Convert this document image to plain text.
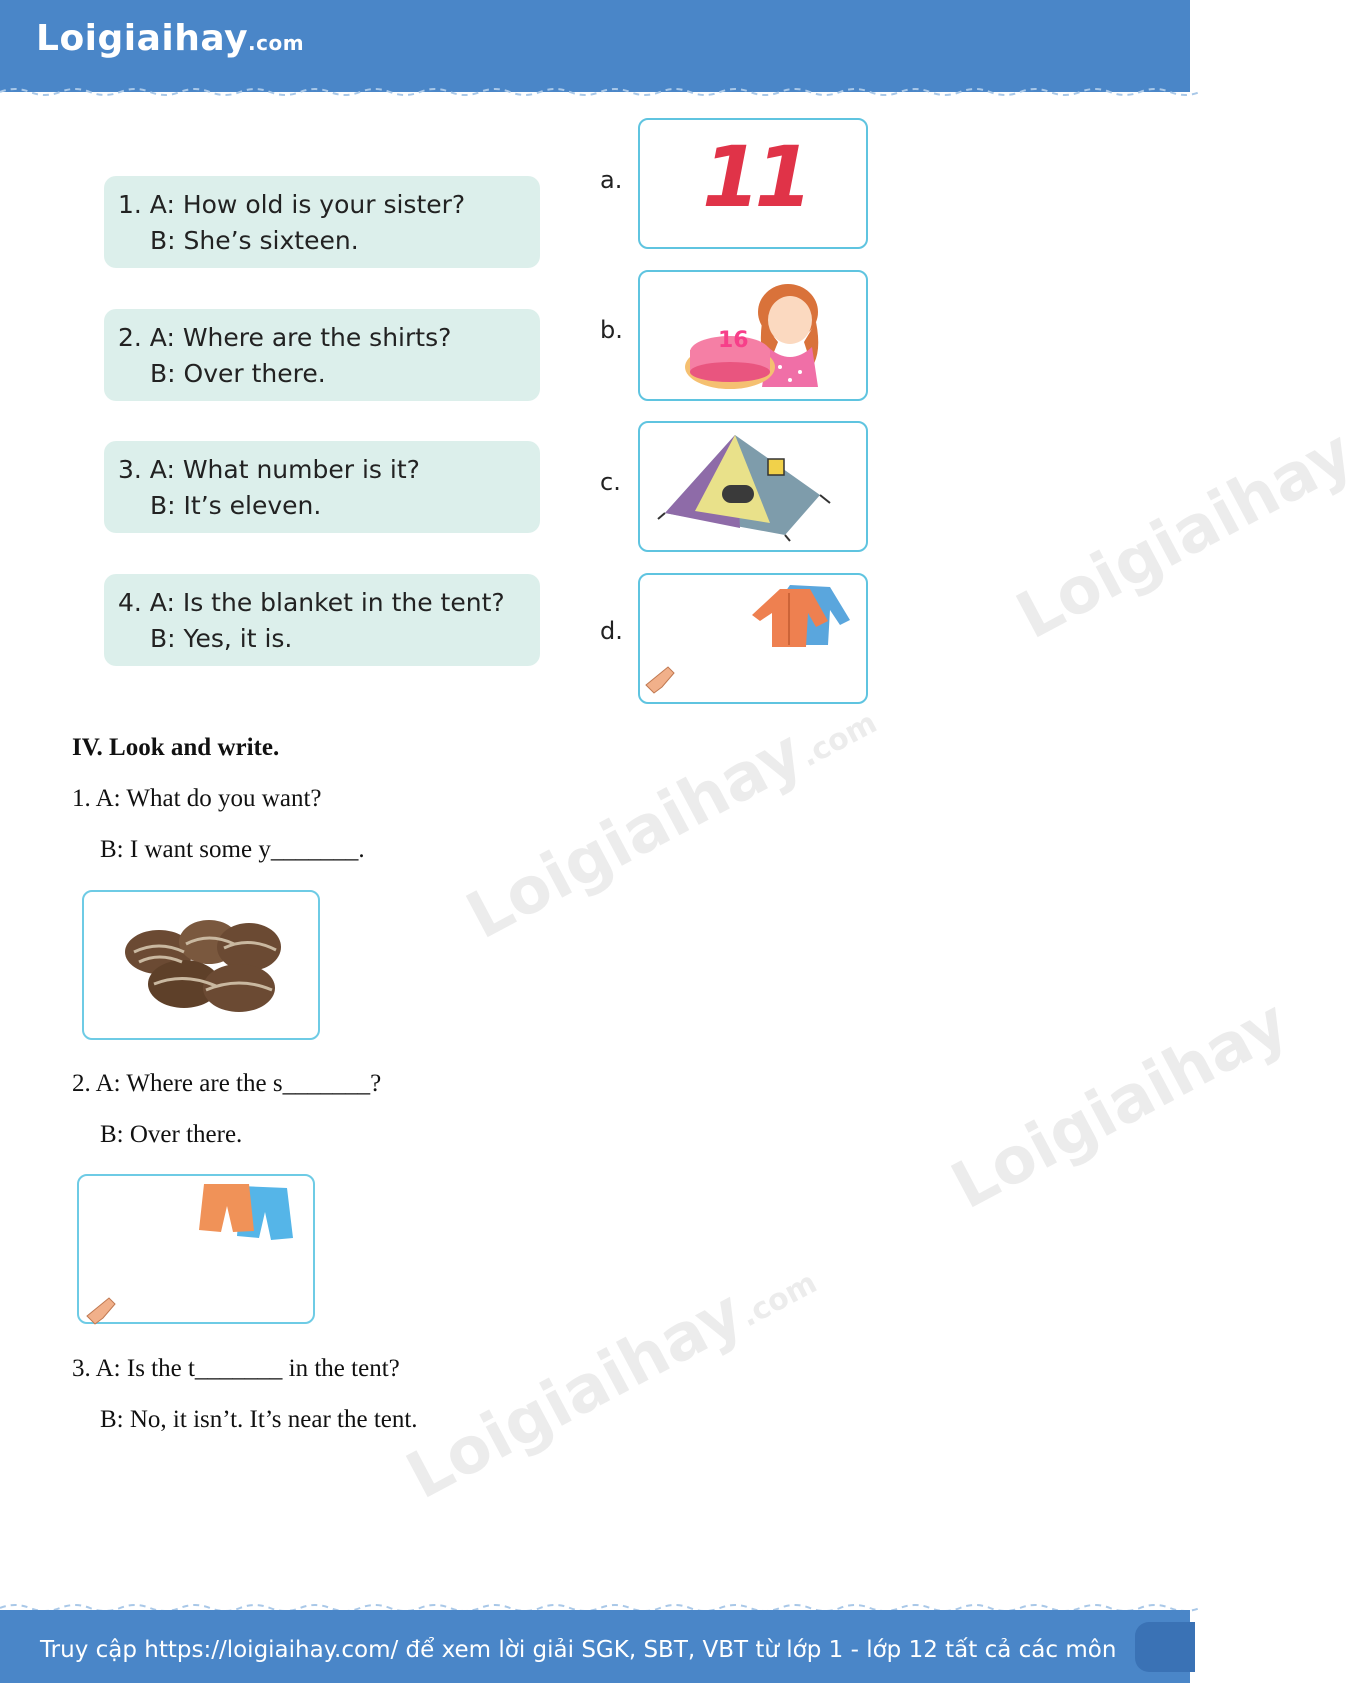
Loigiaihay.com
Loigiaihay.com
Loigiaihay.com
Loigiaihay
Loigiaihay
1. A: How old is your sister?
B: She’s sixteen.
2. A: Where are the shirts?
B: Over there.
3. A: What number is it?
B: It’s eleven.
4. A: Is the blanket in the tent?
B: Yes, it is.
a.
b.
c.
d.
11
16
IV. Look and write.
1. A: What do you want?
B: I want some y_______.
2. A: Where are the s_______?
B: Over there.
3. A: Is the t_______ in the tent?
B: No, it isn’t. It’s near the tent.
Truy cập https://loigiaihay.com/ để xem lời giải SGK, SBT, VBT từ lớp 1 - lớp 12 tất cả các môn
